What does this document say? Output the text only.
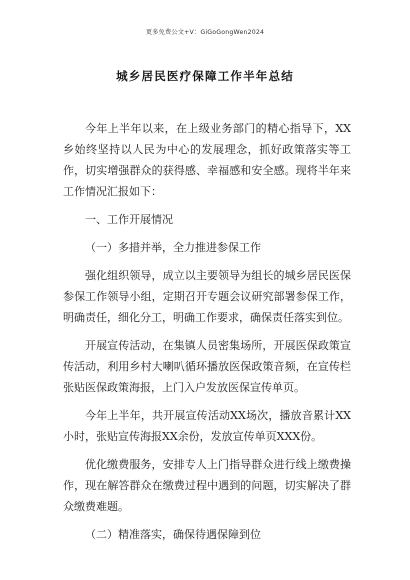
更多免费公文+V：GiGoGongWen2024
城乡居民医疗保障工作半年总结

今年上半年以来，在上级业务部门的精心指导下，XX乡始终坚持以人民为中心的发展理念，抓好政策落实等工作，切实增强群众的获得感、幸福感和安全感。现将半年来工作情况汇报如下：

一、工作开展情况

（一）多措并举，全力推进参保工作

强化组织领导，成立以主要领导为组长的城乡居民医保参保工作领导小组，定期召开专题会议研究部署参保工作，明确责任，细化分工，明确工作要求，确保责任落实到位。

开展宣传活动，在集镇人员密集场所，开展医保政策宣传活动，利用乡村大喇叭循环播放医保政策音频，在宣传栏张贴医保政策海报，上门入户发放医保宣传单页。

今年上半年，共开展宣传活动XX场次，播放音累计XX小时，张贴宣传海报XX余份，发放宣传单页XXX份。

优化缴费服务，安排专人上门指导群众进行线上缴费操作，现在解答群众在缴费过程中遇到的问题，切实解决了群众缴费难题。

（二）精准落实，确保待遇保障到位
